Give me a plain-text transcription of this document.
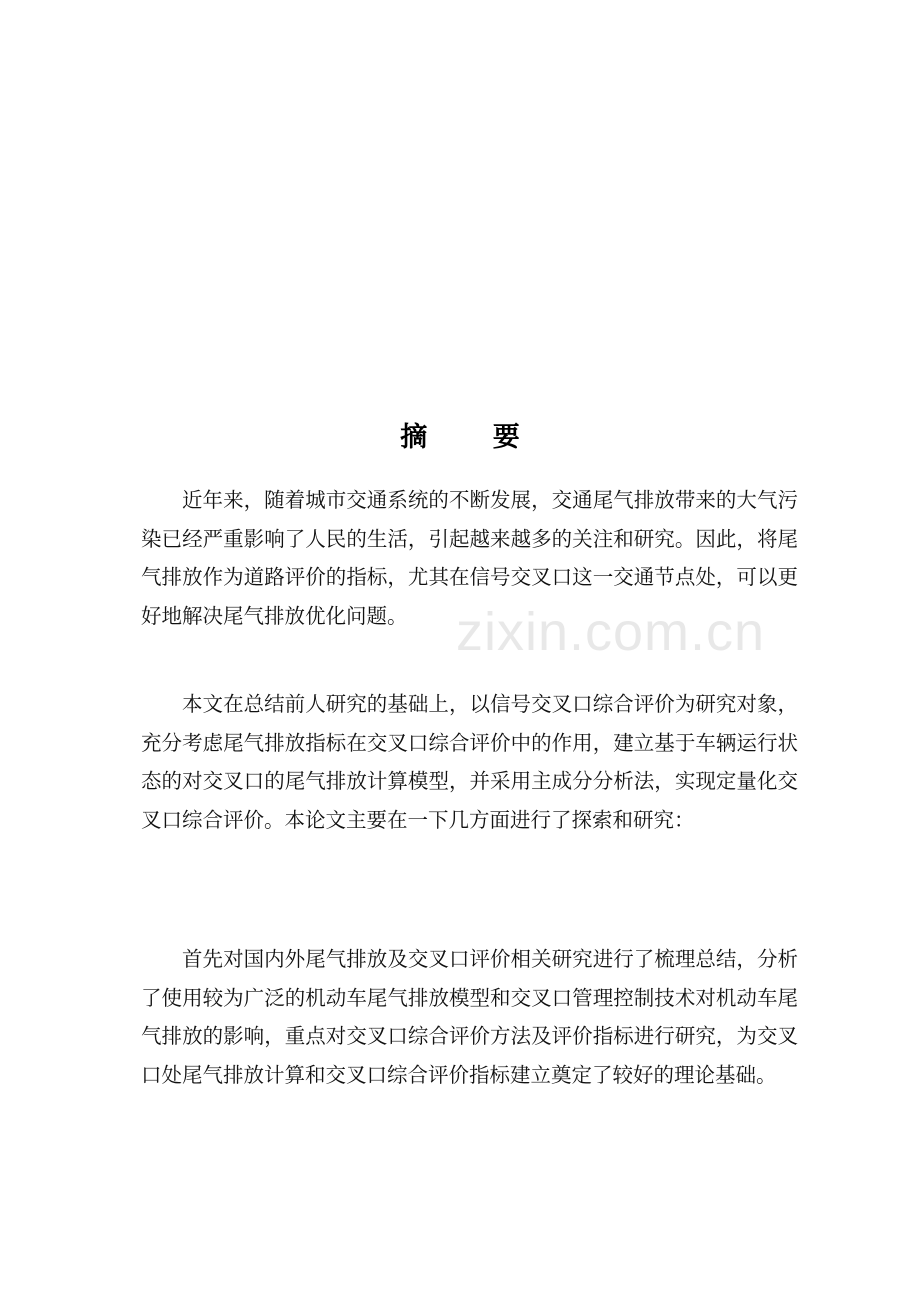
摘 要

近年来，随着城市交通系统的不断发展，交通尾气排放带来的大气污染已经严重影响了人民的生活，引起越来越多的关注和研究。因此，将尾气排放作为道路评价的指标，尤其在信号交叉口这一交通节点处，可以更好地解决尾气排放优化问题。

本文在总结前人研究的基础上，以信号交叉口综合评价为研究对象，充分考虑尾气排放指标在交叉口综合评价中的作用，建立基于车辆运行状态的对交叉口的尾气排放计算模型，并采用主成分分析法，实现定量化交叉口综合评价。本论文主要在一下几方面进行了探索和研究：

首先对国内外尾气排放及交叉口评价相关研究进行了梳理总结，分析了使用较为广泛的机动车尾气排放模型和交叉口管理控制技术对机动车尾气排放的影响，重点对交叉口综合评价方法及评价指标进行研究，为交叉口处尾气排放计算和交叉口综合评价指标建立奠定了较好的理论基础。

zixin.com.cn
